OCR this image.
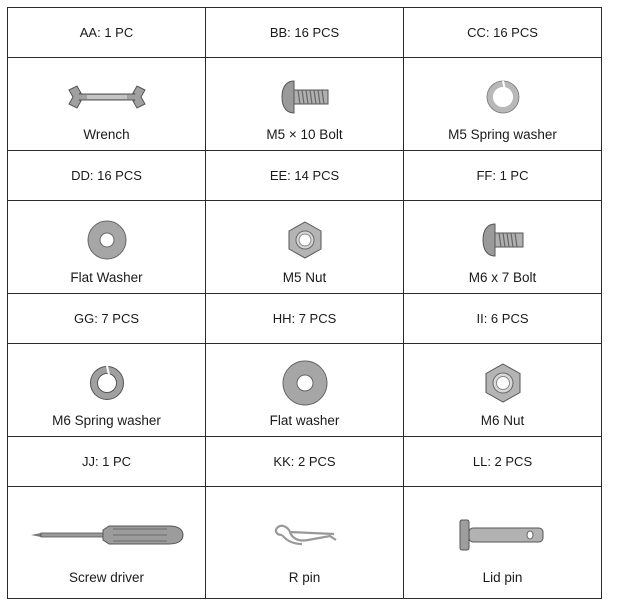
AA: 1 PC	BB: 16 PCS	CC: 16 PCS

Wrench	M5 × 10 Bolt	M5 Spring washer

DD: 16 PCS	EE: 14 PCS	FF: 1 PC

Flat Washer	M5 Nut	M6 x 7 Bolt

GG: 7 PCS	HH: 7 PCS	II: 6 PCS

M6 Spring washer	Flat washer	M6 Nut

JJ: 1 PC	KK: 2 PCS	LL: 2 PCS

Screw driver	R pin	Lid pin
